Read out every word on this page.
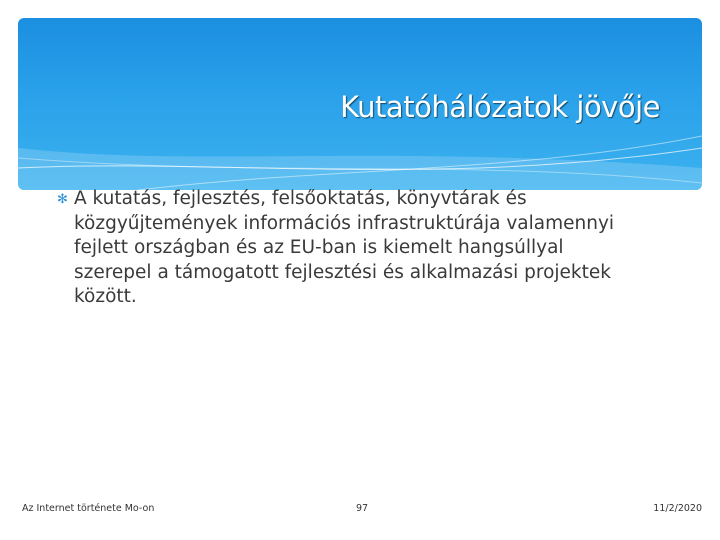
Kutatóhálózatok jövője
✻ A kutatás, fejlesztés, felsőoktatás, könyvtárak és közgyűjtemények információs infrastruktúrája valamennyi fejlett országban és az EU-ban is kiemelt hangsúllyal szerepel a támogatott fejlesztési és alkalmazási projektek között.
Az Internet története Mo-on	97	11/2/2020
